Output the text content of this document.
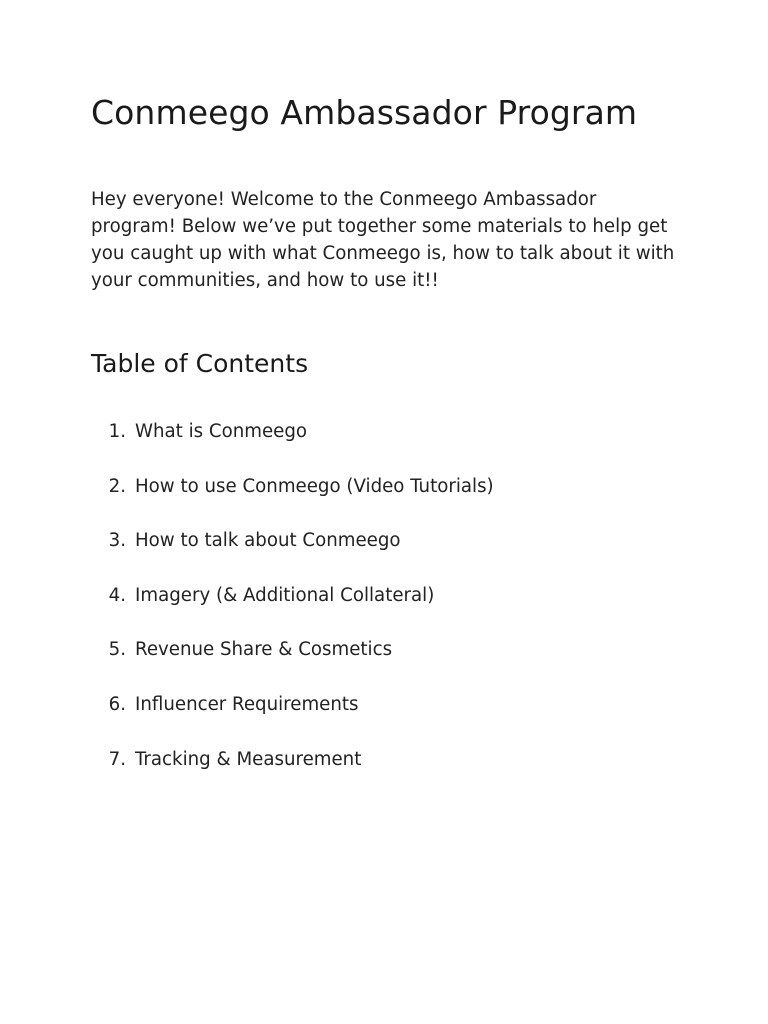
Conmeego Ambassador Program

Hey everyone! Welcome to the Conmeego Ambassador program! Below we’ve put together some materials to help get you caught up with what Conmeego is, how to talk about it with your communities, and how to use it!!

Table of Contents
1. What is Conmeego
2. How to use Conmeego (Video Tutorials)
3. How to talk about Conmeego
4. Imagery (& Additional Collateral)
5. Revenue Share & Cosmetics
6. Influencer Requirements
7. Tracking & Measurement
